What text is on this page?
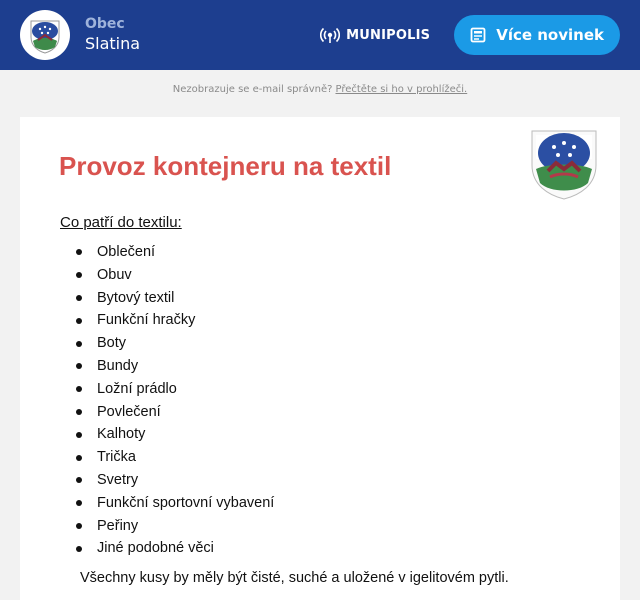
Obec
Slatina	MUNIPOLIS	Více novinek
Nezobrazuje se e-mail správně? Přečtěte si ho v prohlížeči.
Provoz kontejneru na textil
Co patří do textilu:
Oblečení
Obuv
Bytový textil
Funkční hračky
Boty
Bundy
Ložní prádlo
Povlečení
Kalhoty
Trička
Svetry
Funkční sportovní vybavení
Peřiny
Jiné podobné věci
Všechny kusy by měly být čisté, suché a uložené v igelitovém pytli.
